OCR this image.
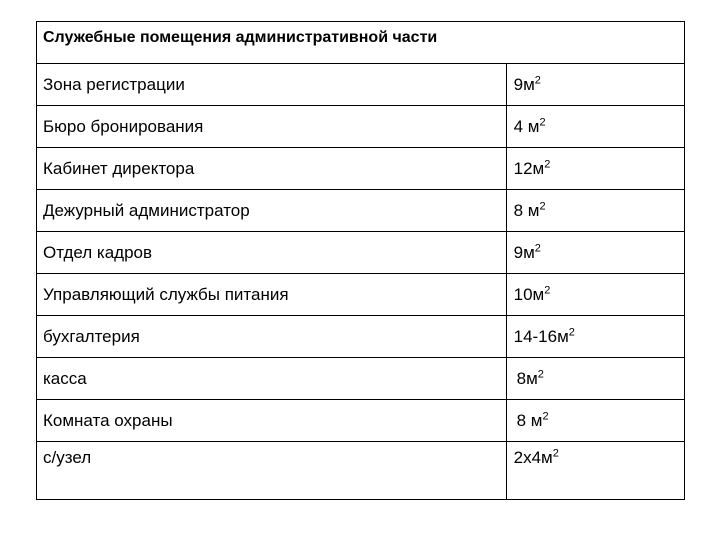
Служебные помещения административной части	
Зона регистрации	$9м^2$
Бюро бронирования	4 $м^2$
Кабинет директора	$12м^2$
Дежурный администратор	8 $м^2$
Отдел кадров	$9м^2$
Управляющий службы питания	$10м^2$
бухгалтерия	$14-16м^2$
касса	$8м^2$
Комната охраны	8 $м^2$
с/узел	$2х4м^2$
